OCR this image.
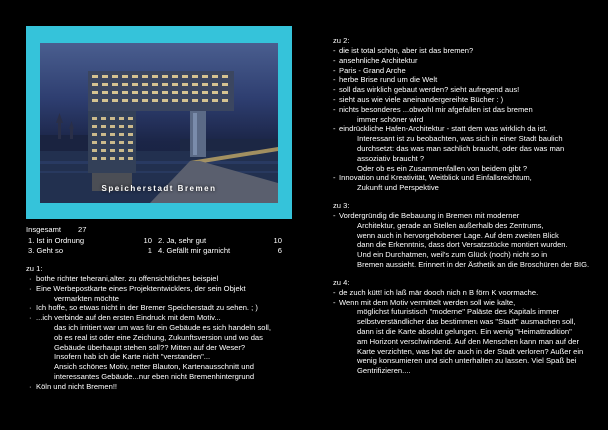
Speicherstadt Bremen
Insgesamt	27
1. Ist in Ordnung	10 2. Ja, sehr gut	10
3. Geht so	1 4. Gefällt mir garnicht	6
zu 1:
· bothe richter teherani,alter. zu offensichtliches beispiel
· Eine Werbepostkarte eines Projektentwicklers, der sein Objekt
vermarkten möchte
· Ich hoffe, so etwas nicht in der Bremer Speicherstadt zu sehen. ; )
· ...ich verbinde auf den ersten Eindruck mit dem Motiv...
das ich irritiert war um was für ein Gebäude es sich handeln soll,
ob es real ist oder eine Zeichung, Zukunftsversion und wo das
Gebäude überhaupt stehen soll?? Mitten auf der Weser?
Insofern hab ich die Karte nicht "verstanden"...
Ansich schönes Motiv, netter Blauton, Kartenausschnitt und
interessantes Gebäude...nur eben nicht Bremenhintergrund
· Köln und nicht Bremen!!
zu 2:
- die ist total schön, aber ist das bremen?
- ansehnliche Architektur
- Paris - Grand Arche
- herbe Brise rund um die Welt
- soll das wirklich gebaut werden? sieht aufregend aus!
- sieht aus wie viele aneinandergereihte Bücher : )
- nichts besonderes ...obwohl mir afgefallen ist das bremen
immer schöner wird
- eindrückliche Hafen-Architektur - statt dem was wirklich da ist.
Interessant ist zu beobachten, was sich in einer Stadt baulich
durchsetzt: das was man sachlich braucht, oder das was man
assoziativ braucht ?
Oder ob es ein Zusammenfallen von beidem gibt ?
- Innovation und Kreativität, Weitblick und Einfallsreichtum,
Zukunft und Perspektive
zu 3:
- Vordergründig die Bebauung in Bremen mit moderner
Architektur, gerade an Stellen außerhalb des Zentrums,
wenn auch in hervorgehobener Lage. Auf dem zweiten Blick
dann die Erkenntnis, dass dort Versatzstücke montiert wurden.
Und ein Durchatmen, weil's zum Glück (noch) nicht so in
Bremen aussieht. Erinnert in der Ästhetik an die Broschüren der BIG.
zu 4:
- de zuch kütt! ich laß mär dooch nich n B förn K voormache.
- Wenn mit dem Motiv vermittelt werden soll wie kalte,
möglichst futuristisch "moderne" Paläste des Kapitals immer
selbstverständlicher das bestimmen was "Stadt" ausmachen soll,
dann ist die Karte absolut gelungen. Ein wenig "Heimattradition"
am Horizont verschwindend. Auf den Menschen kann man auf der
Karte verzichten, was hat der auch in der Stadt verloren? Außer ein
wenig konsumieren und sich unterhalten zu lassen. Viel Spaß bei
Gentrifizieren....
